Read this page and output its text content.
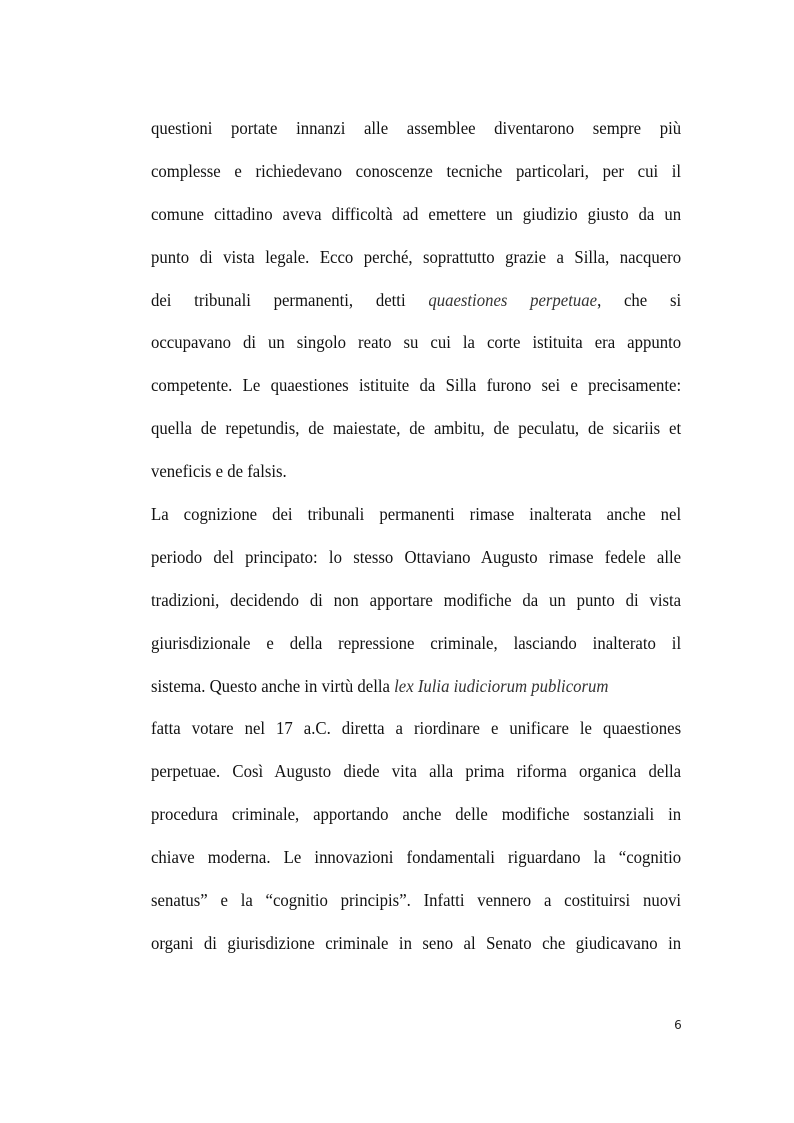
questioni portate innanzi alle assemblee diventarono sempre più
complesse e richiedevano conoscenze tecniche particolari, per cui il
comune cittadino aveva difficoltà ad emettere un giudizio giusto da un
punto di vista legale. Ecco perché, soprattutto grazie a Silla, nacquero
dei tribunali permanenti, detti quaestiones perpetuae, che si
occupavano di un singolo reato su cui la corte istituita era appunto
competente. Le quaestiones istituite da Silla furono sei e precisamente:
quella de repetundis, de maiestate, de ambitu, de peculatu, de sicariis et
veneficis e de falsis.

La cognizione dei tribunali permanenti rimase inalterata anche nel
periodo del principato: lo stesso Ottaviano Augusto rimase fedele alle
tradizioni, decidendo di non apportare modifiche da un punto di vista
giurisdizionale e della repressione criminale, lasciando inalterato il
sistema. Questo anche in virtù della lex Iulia iudiciorum publicorum
fatta votare nel 17 a.C. diretta a riordinare e unificare le quaestiones
perpetuae. Così Augusto diede vita alla prima riforma organica della
procedura criminale, apportando anche delle modifiche sostanziali in
chiave moderna. Le innovazioni fondamentali riguardano la “cognitio
senatus” e la “cognitio principis”. Infatti vennero a costituirsi nuovi
organi di giurisdizione criminale in seno al Senato che giudicavano in

6
